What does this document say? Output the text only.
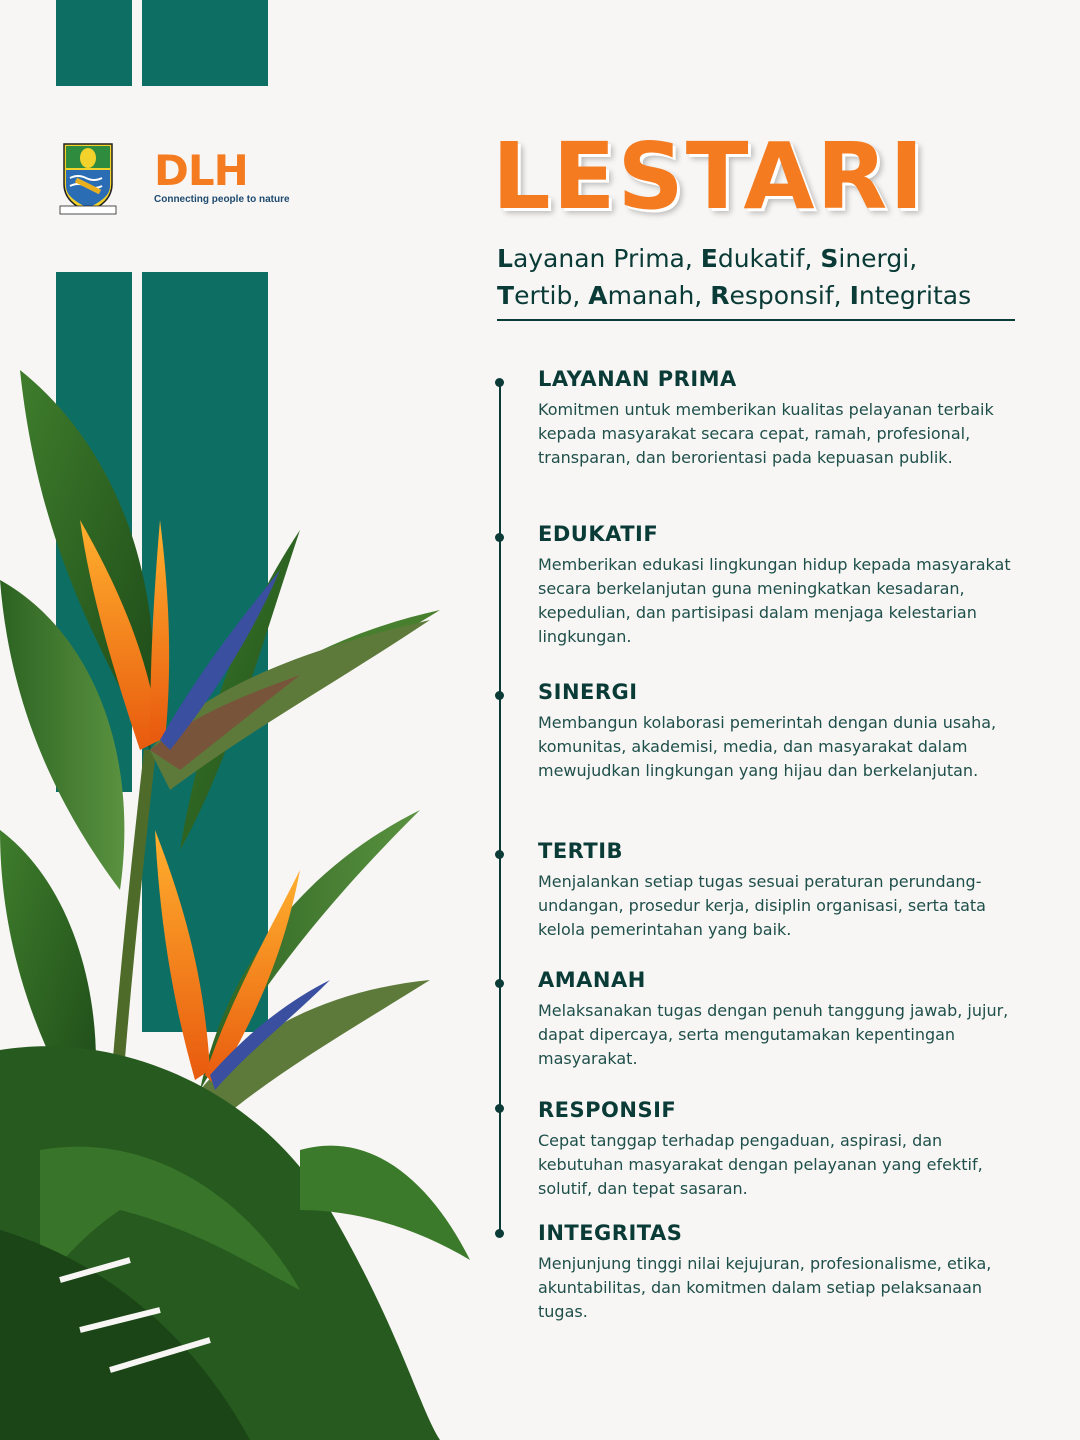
DLH
Connecting people to nature LESTARI
Layanan Prima, Edukatif, Sinergi,
Tertib, Amanah, Responsif, Integritas
LAYANAN PRIMA
Komitmen untuk memberikan kualitas pelayanan terbaik kepada masyarakat secara cepat, ramah, profesional, transparan, dan berorientasi pada kepuasan publik.
EDUKATIF
Memberikan edukasi lingkungan hidup kepada masyarakat secara berkelanjutan guna meningkatkan kesadaran, kepedulian, dan partisipasi dalam menjaga kelestarian lingkungan.
SINERGI
Membangun kolaborasi pemerintah dengan dunia usaha, komunitas, akademisi, media, dan masyarakat dalam mewujudkan lingkungan yang hijau dan berkelanjutan.
TERTIB
Menjalankan setiap tugas sesuai peraturan perundang-undangan, prosedur kerja, disiplin organisasi, serta tata kelola pemerintahan yang baik.
AMANAH
Melaksanakan tugas dengan penuh tanggung jawab, jujur, dapat dipercaya, serta mengutamakan kepentingan masyarakat.
RESPONSIF
Cepat tanggap terhadap pengaduan, aspirasi, dan kebutuhan masyarakat dengan pelayanan yang efektif, solutif, dan tepat sasaran.
INTEGRITAS
Menjunjung tinggi nilai kejujuran, profesionalisme, etika, akuntabilitas, dan komitmen dalam setiap pelaksanaan tugas.
